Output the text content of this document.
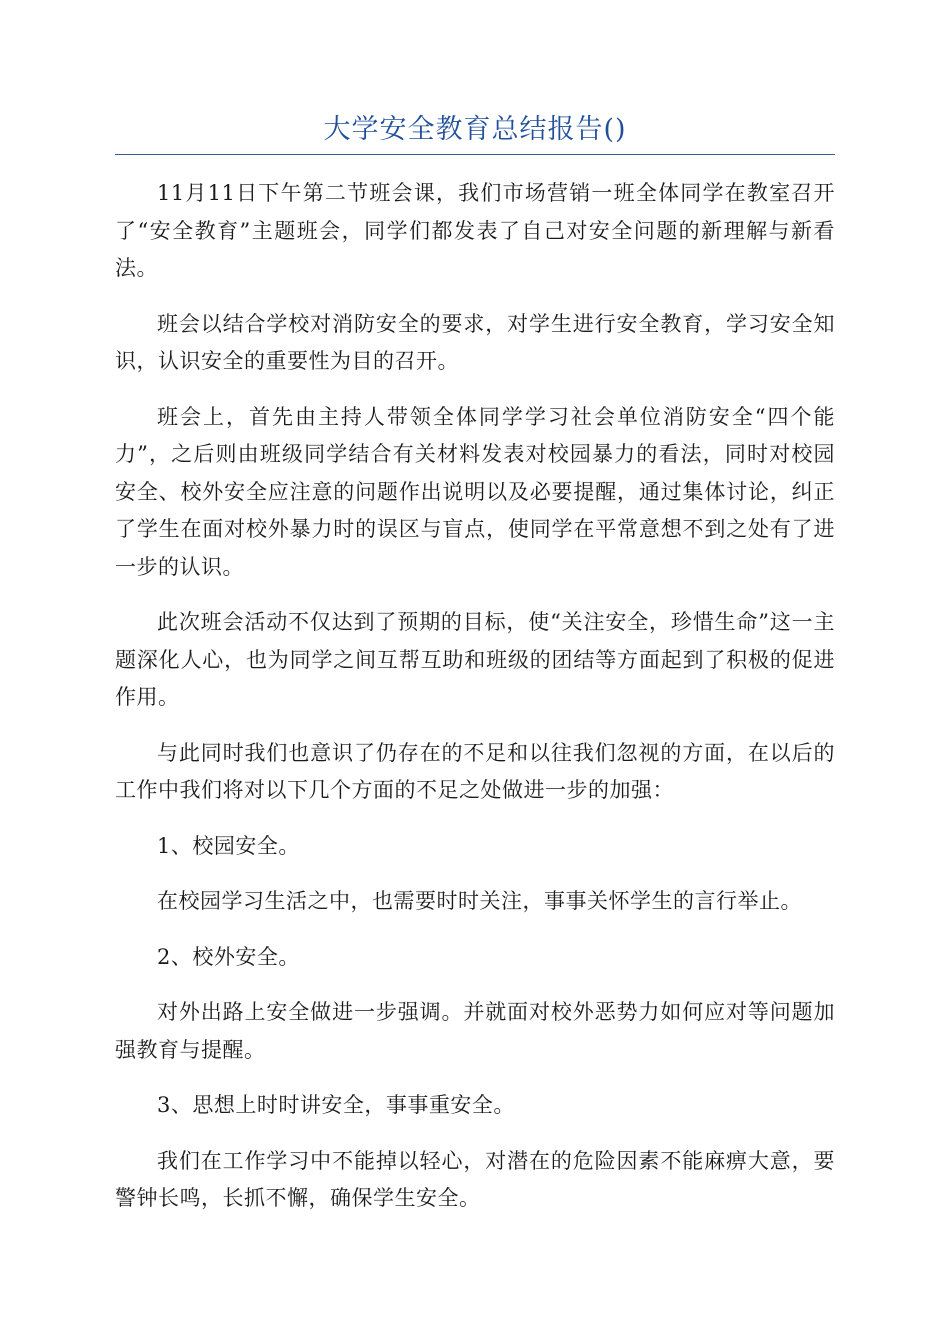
大学安全教育总结报告()

11月11日下午第二节班会课，我们市场营销一班全体同学在教室召开了“安全教育”主题班会，同学们都发表了自己对安全问题的新理解与新看法。

班会以结合学校对消防安全的要求，对学生进行安全教育，学习安全知识，认识安全的重要性为目的召开。

班会上，首先由主持人带领全体同学学习社会单位消防安全“四个能力”，之后则由班级同学结合有关材料发表对校园暴力的看法，同时对校园安全、校外安全应注意的问题作出说明以及必要提醒，通过集体讨论，纠正了学生在面对校外暴力时的误区与盲点，使同学在平常意想不到之处有了进一步的认识。

此次班会活动不仅达到了预期的目标，使“关注安全，珍惜生命”这一主题深化人心，也为同学之间互帮互助和班级的团结等方面起到了积极的促进作用。

与此同时我们也意识了仍存在的不足和以往我们忽视的方面，在以后的工作中我们将对以下几个方面的不足之处做进一步的加强：

1、校园安全。

在校园学习生活之中，也需要时时关注，事事关怀学生的言行举止。

2、校外安全。

对外出路上安全做进一步强调。并就面对校外恶势力如何应对等问题加强教育与提醒。

3、思想上时时讲安全，事事重安全。

我们在工作学习中不能掉以轻心，对潜在的危险因素不能麻痹大意，要警钟长鸣，长抓不懈，确保学生安全。
